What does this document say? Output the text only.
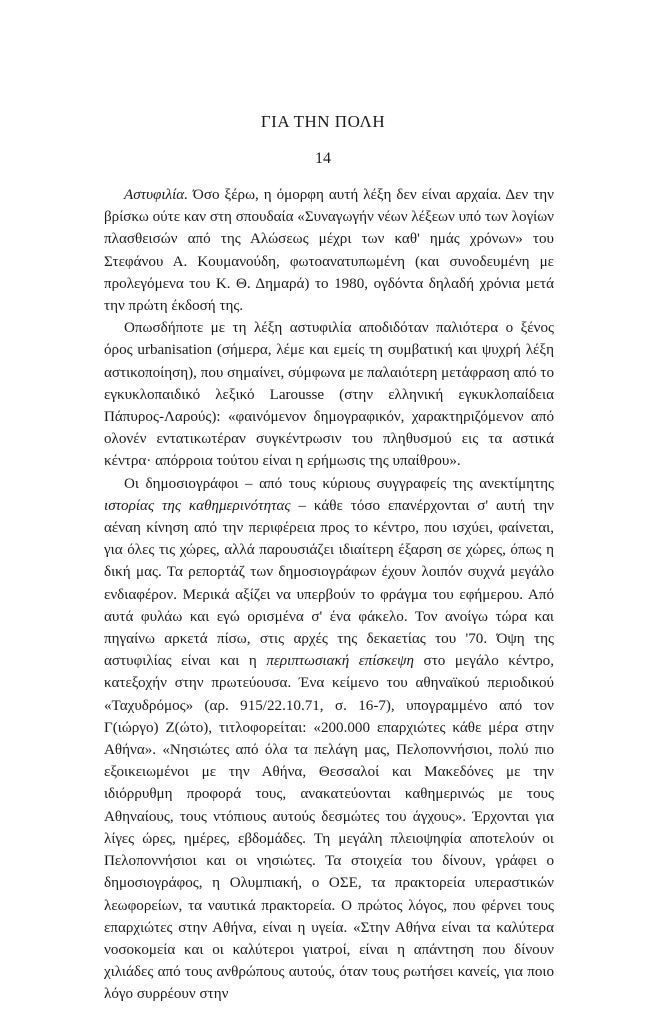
ΓΙΑ ΤΗΝ ΠΟΛΗ
14

Αστυφιλία. Όσο ξέρω, η όμορφη αυτή λέξη δεν είναι αρχαία. Δεν την βρίσκω ούτε καν στη σπουδαία «Συναγωγήν νέων λέξεων υπό των λογίων πλασθεισών από της Αλώσεως μέχρι των καθ' ημάς χρόνων» του Στεφάνου Α. Κουμανούδη, φωτοανατυπωμένη (και συνοδευμένη με προλεγόμενα του Κ. Θ. Δημαρά) το 1980, ογδόντα δηλαδή χρόνια μετά την πρώτη έκδοσή της.

Οπωσδήποτε με τη λέξη αστυφιλία αποδιδόταν παλιότερα ο ξένος όρος urbanisation (σήμερα, λέμε και εμείς τη συμβατική και ψυχρή λέξη αστικοποίηση), που σημαίνει, σύμφωνα με παλαιότερη μετάφραση από το εγκυκλοπαιδικό λεξικό Larousse (στην ελληνική εγκυκλοπαίδεια Πάπυρος-Λαρούς): «φαινόμενον δημογραφικόν, χαρακτηριζόμενον από ολονέν εντατικωτέραν συγκέντρωσιν του πληθυσμού εις τα αστικά κέντρα· απόρροια τούτου είναι η ερήμωσις της υπαίθρου».

Οι δημοσιογράφοι – από τους κύριους συγγραφείς της ανεκτίμητης ιστορίας της καθημερινότητας – κάθε τόσο επανέρχονται σ' αυτή την αέναη κίνηση από την περιφέρεια προς το κέντρο, που ισχύει, φαίνεται, για όλες τις χώρες, αλλά παρουσιάζει ιδιαίτερη έξαρση σε χώρες, όπως η δική μας. Τα ρεπορτάζ των δημοσιογράφων έχουν λοιπόν συχνά μεγάλο ενδιαφέρον. Μερικά αξίζει να υπερβούν το φράγμα του εφήμερου. Από αυτά φυλάω και εγώ ορισμένα σ' ένα φάκελο. Τον ανοίγω τώρα και πηγαίνω αρκετά πίσω, στις αρχές της δεκαετίας του '70. Όψη της αστυφιλίας είναι και η περιπτωσιακή επίσκεψη στο μεγάλο κέντρο, κατεξοχήν στην πρωτεύουσα. Ένα κείμενο του αθηναϊκού περιοδικού «Ταχυδρόμος» (αρ. 915/22.10.71, σ. 16-7), υπογραμμένο από τον Γ(ιώργο) Ζ(ώτο), τιτλοφορείται: «200.000 επαρχιώτες κάθε μέρα στην Αθήνα». «Νησιώτες από όλα τα πελάγη μας, Πελοποννήσιοι, πολύ πιο εξοικειωμένοι με την Αθήνα, Θεσσαλοί και Μακεδόνες με την ιδιόρρυθμη προφορά τους, ανακατεύονται καθημερινώς με τους Αθηναίους, τους ντόπιους αυτούς δεσμώτες του άγχους». Έρχονται για λίγες ώρες, ημέρες, εβδομάδες. Τη μεγάλη πλειοψηφία αποτελούν οι Πελοποννήσιοι και οι νησιώτες. Τα στοιχεία του δίνουν, γράφει ο δημοσιογράφος, η Ολυμπιακή, ο ΟΣΕ, τα πρακτορεία υπεραστικών λεωφορείων, τα ναυτικά πρακτορεία. Ο πρώτος λόγος, που φέρνει τους επαρχιώτες στην Αθήνα, είναι η υγεία. «Στην Αθήνα είναι τα καλύτερα νοσοκομεία και οι καλύτεροι γιατροί, είναι η απάντηση που δίνουν χιλιάδες από τους ανθρώπους αυτούς, όταν τους ρωτήσει κανείς, για ποιο λόγο συρρέουν στην
